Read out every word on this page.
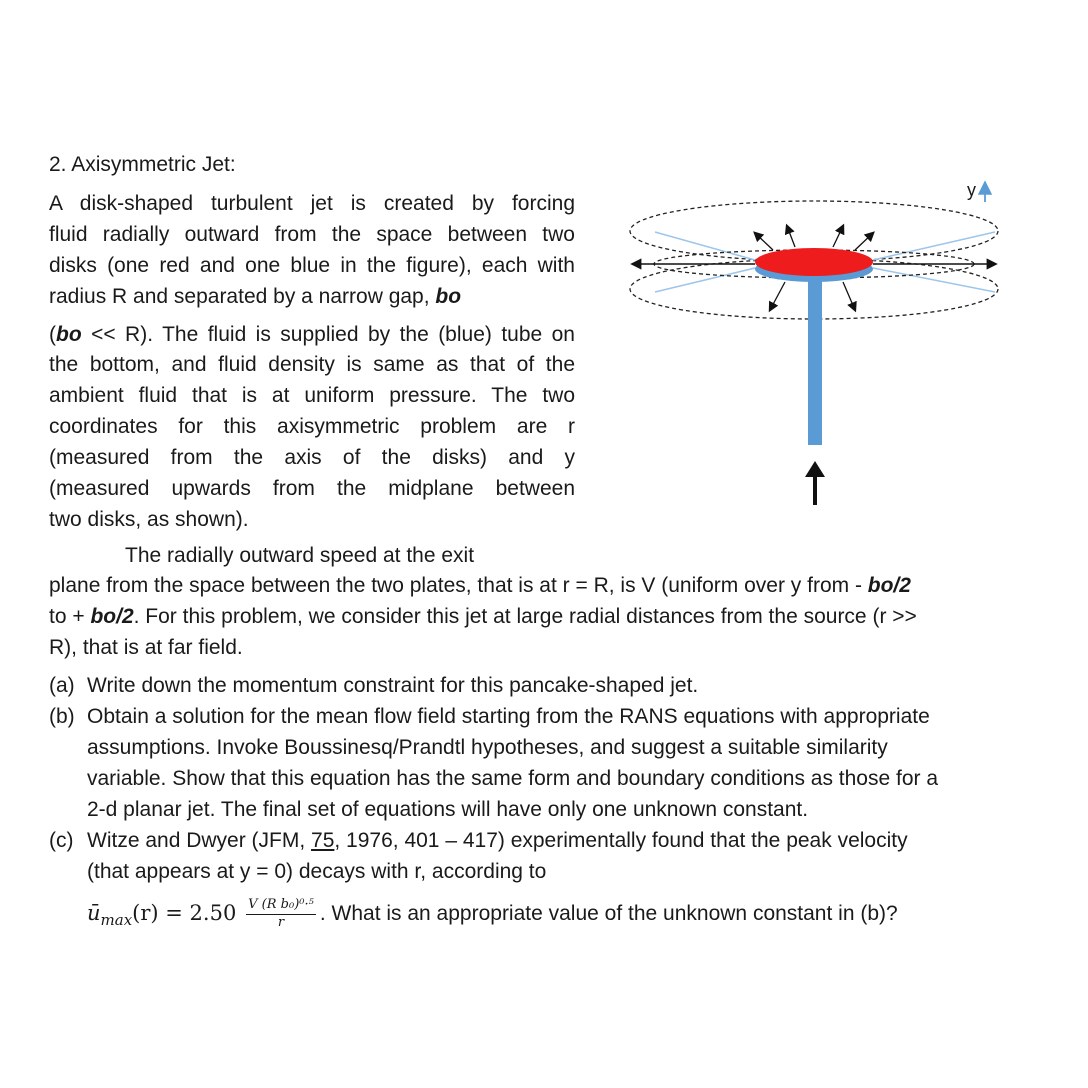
2. Axisymmetric Jet:
A disk-shaped turbulent jet is created by forcing
fluid radially outward from the space between two
disks (one red and one blue in the figure), each with
radius R and separated by a narrow gap, bo
(bo << R). The fluid is supplied by the (blue) tube on
the bottom, and fluid density is same as that of the
ambient fluid that is at uniform pressure. The two
coordinates for this axisymmetric problem are r
(measured from the axis of the disks) and y
(measured upwards from the midplane between
two disks, as shown).
The radially outward speed at the exit
plane from the space between the two plates, that is at r = R, is V (uniform over y from - bo/2
to + bo/2. For this problem, we consider this jet at large radial distances from the source (r >>
R), that is at far field.
(a) Write down the momentum constraint for this pancake-shaped jet.
(b) Obtain a solution for the mean flow field starting from the RANS equations with appropriate
assumptions. Invoke Boussinesq/Prandtl hypotheses, and suggest a suitable similarity
variable. Show that this equation has the same form and boundary conditions as those for a
2-d planar jet. The final set of equations will have only one unknown constant.
(c) Witze and Dwyer (JFM, 75, 1976, 401 – 417) experimentally found that the peak velocity
(that appears at y = 0) decays with r, according to
$ū_{max}(r) = 2.50 \frac{\text{V (R b₀)⁰·⁵}}{r}$ . What is an appropriate value of the unknown constant in (b)?
y
